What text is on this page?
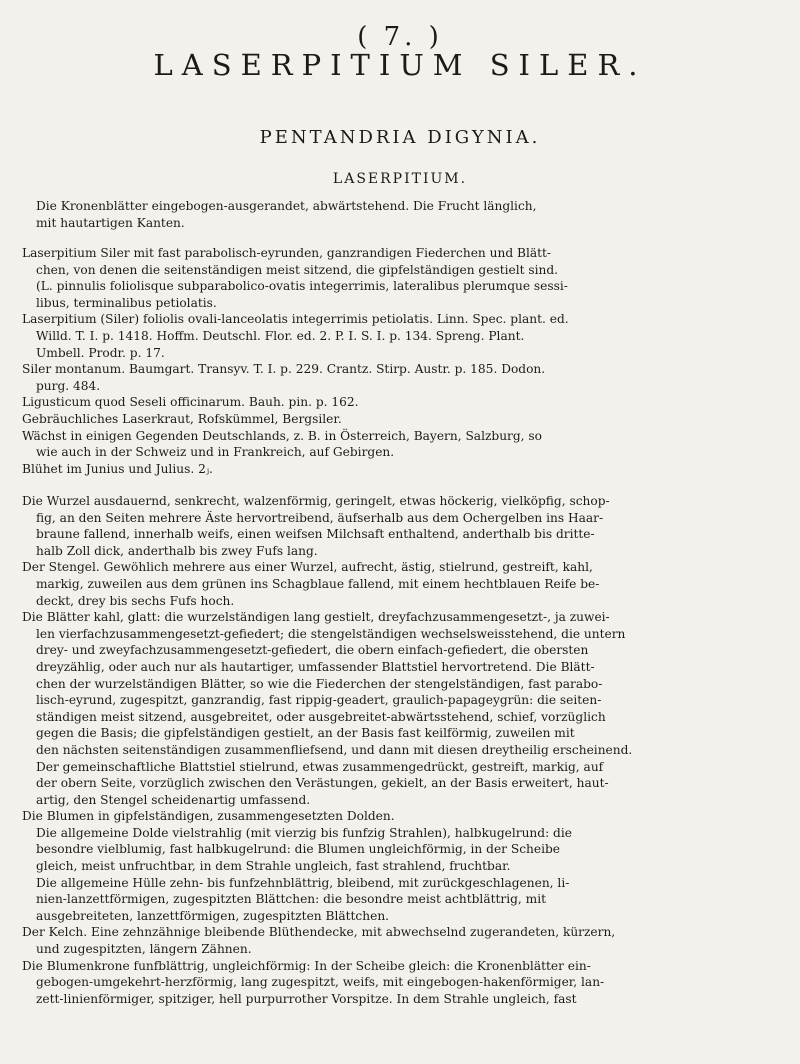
( 7. )
LASERPITIUM SILER.
PENTANDRIA DIGYNIA.
LASERPITIUM.
Die Kronenblätter eingebogen-ausgerandet, abwärtstehend. Die Frucht länglich,
mit hautartigen Kanten.
Laserpitium Siler mit fast parabolisch-eyrunden, ganzrandigen Fiederchen und Blätt-
chen, von denen die seitenständigen meist sitzend, die gipfelständigen gestielt sind.
(L. pinnulis foliolisque subparabolico-ovatis integerrimis, lateralibus plerumque sessi-
libus, terminalibus petiolatis.
Laserpitium (Siler) foliolis ovali-lanceolatis integerrimis petiolatis. Linn. Spec. plant. ed.
Willd. T. I. p. 1418. Hoffm. Deutschl. Flor. ed. 2. P. I. S. I. p. 134. Spreng. Plant.
Umbell. Prodr. p. 17.
Siler montanum. Baumgart. Transyv. T. I. p. 229. Crantz. Stirp. Austr. p. 185. Dodon.
purg. 484.
Ligusticum quod Seseli officinarum. Bauh. pin. p. 162.
Gebräuchliches Laserkraut, Rofskümmel, Bergsiler.
Wächst in einigen Gegenden Deutschlands, z. B. in Österreich, Bayern, Salzburg, so
wie auch in der Schweiz und in Frankreich, auf Gebirgen.
Blühet im Junius und Julius. 2ⱼ.
Die Wurzel ausdauernd, senkrecht, walzenförmig, geringelt, etwas höckerig, vielköpfig, schop-
fig, an den Seiten mehrere Äste hervortreibend, äufserhalb aus dem Ochergelben ins Haar-
braune fallend, innerhalb weifs, einen weifsen Milchsaft enthaltend, anderthalb bis dritte-
halb Zoll dick, anderthalb bis zwey Fufs lang.
Der Stengel. Gewöhlich mehrere aus einer Wurzel, aufrecht, ästig, stielrund, gestreift, kahl,
markig, zuweilen aus dem grünen ins Schagblaue fallend, mit einem hechtblauen Reife be-
deckt, drey bis sechs Fufs hoch.
Die Blätter kahl, glatt: die wurzelständigen lang gestielt, dreyfachzusammengesetzt-, ja zuwei-
len vierfachzusammengesetzt-gefiedert; die stengelständigen wechselsweisstehend, die untern
drey- und zweyfachzusammengesetzt-gefiedert, die obern einfach-gefiedert, die obersten
dreyzählig, oder auch nur als hautartiger, umfassender Blattstiel hervortretend. Die Blätt-
chen der wurzelständigen Blätter, so wie die Fiederchen der stengelständigen, fast parabo-
lisch-eyrund, zugespitzt, ganzrandig, fast rippig-geadert, graulich-papageygrün: die seiten-
ständigen meist sitzend, ausgebreitet, oder ausgebreitet-abwärtsstehend, schief, vorzüglich
gegen die Basis; die gipfelständigen gestielt, an der Basis fast keilförmig, zuweilen mit
den nächsten seitenständigen zusammenfliefsend, und dann mit diesen dreytheilig erscheinend.
Der gemeinschaftliche Blattstiel stielrund, etwas zusammengedrückt, gestreift, markig, auf
der obern Seite, vorzüglich zwischen den Verästungen, gekielt, an der Basis erweitert, haut-
artig, den Stengel scheidenartig umfassend.
Die Blumen in gipfelständigen, zusammengesetzten Dolden.
Die allgemeine Dolde vielstrahlig (mit vierzig bis funfzig Strahlen), halbkugelrund: die
besondre vielblumig, fast halbkugelrund: die Blumen ungleichförmig, in der Scheibe
gleich, meist unfruchtbar, in dem Strahle ungleich, fast strahlend, fruchtbar.
Die allgemeine Hülle zehn- bis funfzehnblättrig, bleibend, mit zurückgeschlagenen, li-
nien-lanzettförmigen, zugespitzten Blättchen: die besondre meist achtblättrig, mit
ausgebreiteten, lanzettförmigen, zugespitzten Blättchen.
Der Kelch. Eine zehnzähnige bleibende Blüthendecke, mit abwechselnd zugerandeten, kürzern,
und zugespitzten, längern Zähnen.
Die Blumenkrone funfblättrig, ungleichförmig: In der Scheibe gleich: die Kronenblätter ein-
gebogen-umgekehrt-herzförmig, lang zugespitzt, weifs, mit eingebogen-hakenförmiger, lan-
zett-linienförmiger, spitziger, hell purpurrother Vorspitze. In dem Strahle ungleich, fast
